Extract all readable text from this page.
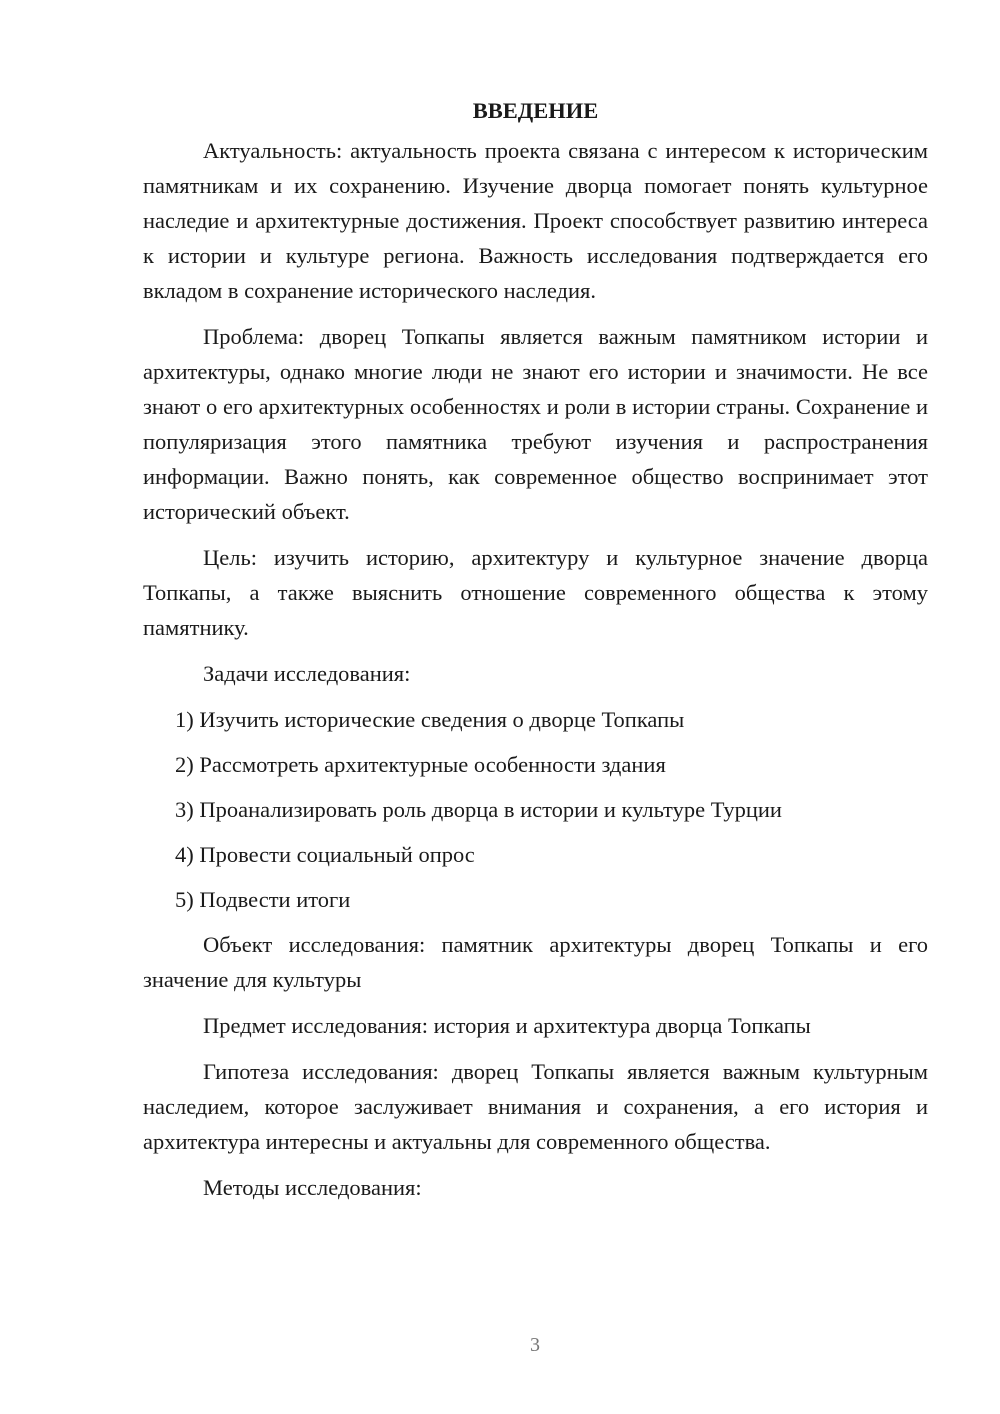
ВВЕДЕНИЕ

Актуальность: актуальность проекта связана с интересом к историческим памятникам и их сохранению. Изучение дворца помогает понять культурное наследие и архитектурные достижения. Проект способствует развитию интереса к истории и культуре региона. Важность исследования подтверждается его вкладом в сохранение исторического наследия.

Проблема: дворец Топкапы является важным памятником истории и архитектуры, однако многие люди не знают его истории и значимости. Не все знают о его архитектурных особенностях и роли в истории страны. Сохранение и популяризация этого памятника требуют изучения и распространения информации. Важно понять, как современное общество воспринимает этот исторический объект.

Цель: изучить историю, архитектуру и культурное значение дворца Топкапы, а также выяснить отношение современного общества к этому памятнику.

Задачи исследования:

1) Изучить исторические сведения о дворце Топкапы
2) Рассмотреть архитектурные особенности здания
3) Проанализировать роль дворца в истории и культуре Турции
4) Провести социальный опрос
5) Подвести итоги

Объект исследования: памятник архитектуры дворец Топкапы и его значение для культуры

Предмет исследования: история и архитектура дворца Топкапы

Гипотеза исследования: дворец Топкапы является важным культурным наследием, которое заслуживает внимания и сохранения, а его история и архитектура интересны и актуальны для современного общества.

Методы исследования:

3
